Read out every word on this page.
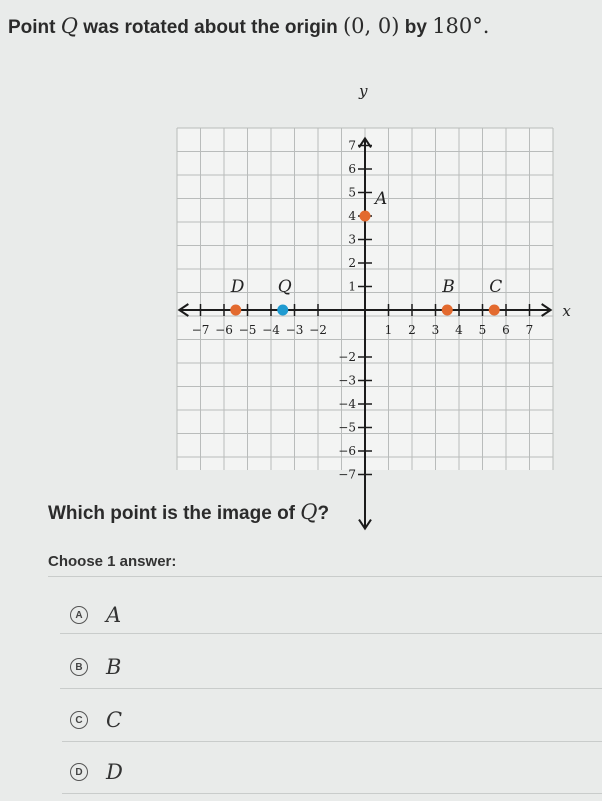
Point Q was rotated about the origin (0, 0) by 180°.
x
y
−7 −6 −5 −4 −3 −2	1 2 3 4 5 6 7
7
6
5
4
3
2
1
−2
−3
−4
−5
−6
−7
A
B C
D Q
Which point is the image of Q?
Choose 1 answer:
A A
B B
C C
D D
